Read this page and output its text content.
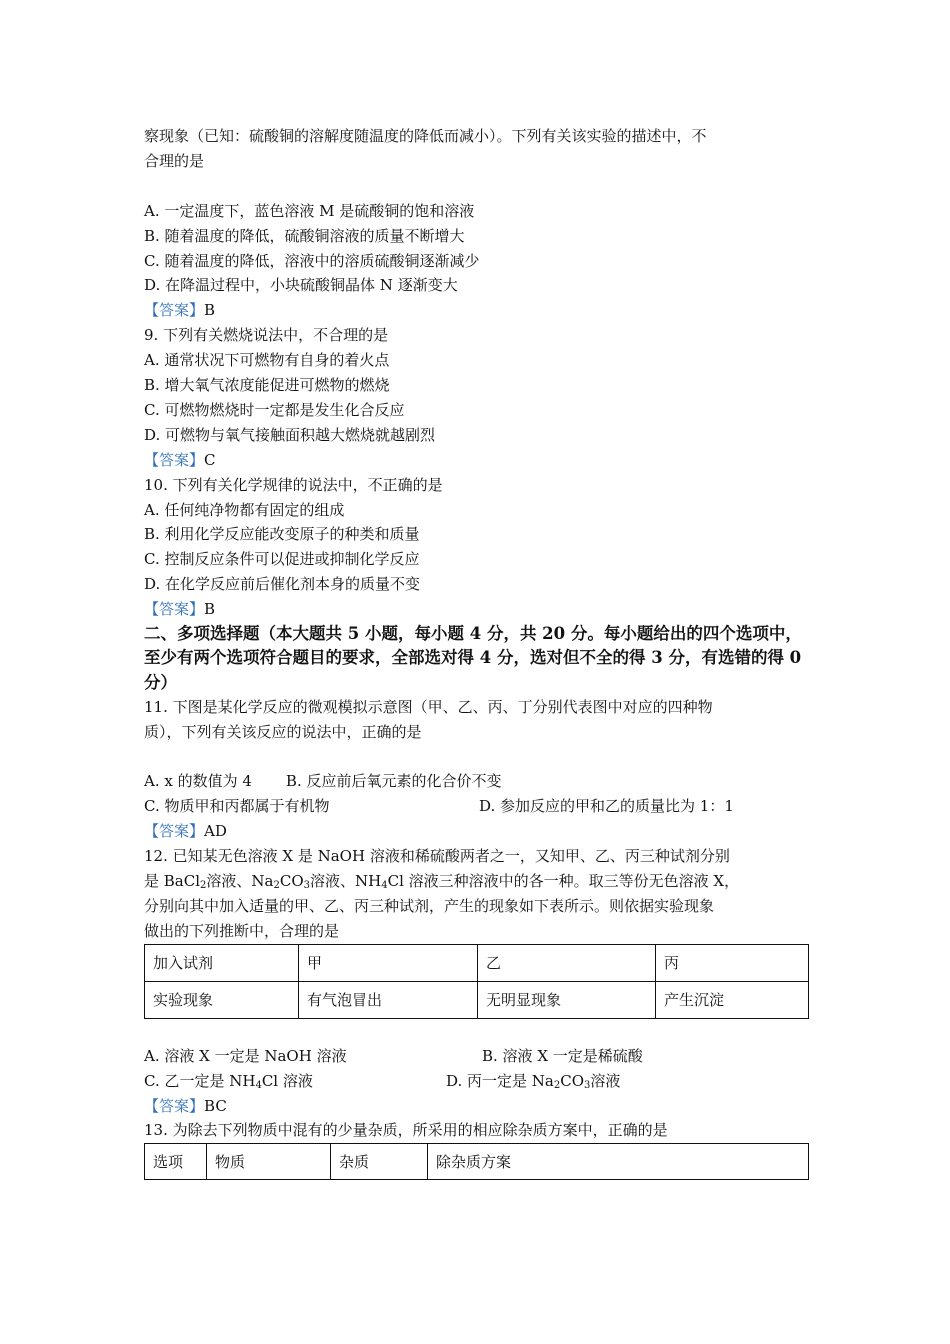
察现象（已知：硫酸铜的溶解度随温度的降低而减小）。下列有关该实验的描述中，不
合理的是
A. 一定温度下，蓝色溶液 M 是硫酸铜的饱和溶液
B. 随着温度的降低，硫酸铜溶液的质量不断增大
C. 随着温度的降低，溶液中的溶质硫酸铜逐渐减少
D. 在降温过程中，小块硫酸铜晶体 N 逐渐变大
【答案】B
9. 下列有关燃烧说法中，不合理的是
A. 通常状况下可燃物有自身的着火点
B. 增大氧气浓度能促进可燃物的燃烧
C. 可燃物燃烧时一定都是发生化合反应
D. 可燃物与氧气接触面积越大燃烧就越剧烈
【答案】C
10. 下列有关化学规律的说法中，不正确的是
A. 任何纯净物都有固定的组成
B. 利用化学反应能改变原子的种类和质量
C. 控制反应条件可以促进或抑制化学反应
D. 在化学反应前后催化剂本身的质量不变
【答案】B
二、多项选择题（本大题共 5 小题，每小题 4 分，共 20 分。每小题给出的四个选项中，至少有两个选项符合题目的要求，全部选对得 4 分，选对但不全的得 3 分，有选错的得 0 分）
11. 下图是某化学反应的微观模拟示意图（甲、乙、丙、丁分别代表图中对应的四种物
质），下列有关该反应的说法中，正确的是
A. x 的数值为 4 B. 反应前后氧元素的化合价不变
C. 物质甲和丙都属于有机物	D. 参加反应的甲和乙的质量比为 1：1
【答案】AD
12. 已知某无色溶液 X 是 NaOH 溶液和稀硫酸两者之一，又知甲、乙、丙三种试剂分别
是 BaCl$_2$溶液、$Na_2CO_3$溶液、$NH_4Cl$ 溶液三种溶液中的各一种。取三等份无色溶液 X，
分别向其中加入适量的甲、乙、丙三种试剂，产生的现象如下表所示。则依据实验现象
做出的下列推断中，合理的是
加入试剂	甲	乙	丙
实验现象	有气泡冒出	无明显现象	产生沉淀
A. 溶液 X 一定是 NaOH 溶液	B. 溶液 X 一定是稀硫酸
C. 乙一定是 $NH_4Cl$ 溶液	D. 丙一定是 $Na_2CO_3$溶液
【答案】BC
13. 为除去下列物质中混有的少量杂质，所采用的相应除杂质方案中，正确的是
选项	物质	杂质	除杂质方案
